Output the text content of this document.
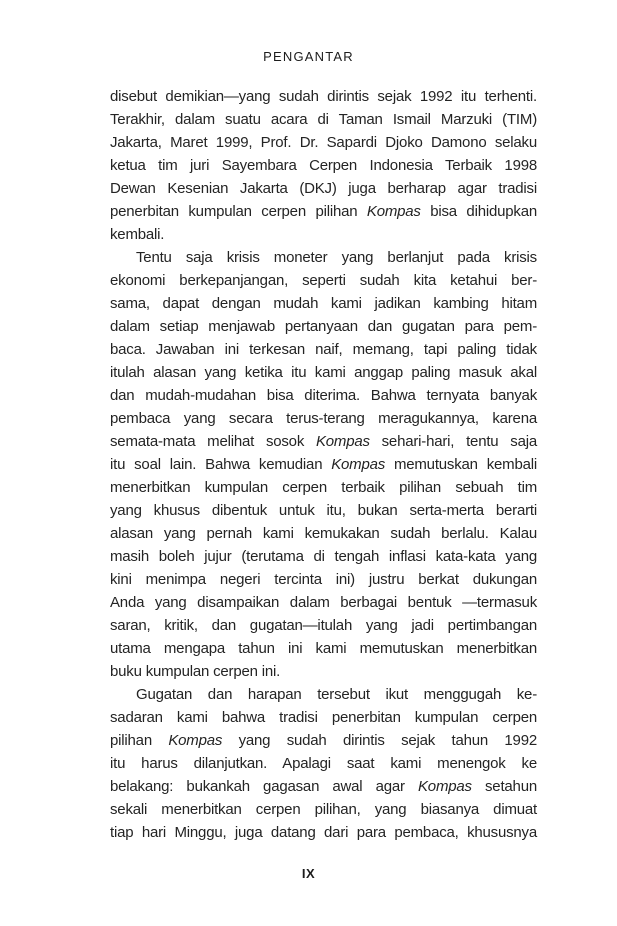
PENGANTAR

disebut demikian—yang sudah dirintis sejak 1992 itu terhenti.
Terakhir, dalam suatu acara di Taman Ismail Marzuki (TIM)
Jakarta, Maret 1999, Prof. Dr. Sapardi Djoko Damono selaku
ketua tim juri Sayembara Cerpen Indonesia Terbaik 1998
Dewan Kesenian Jakarta (DKJ) juga berharap agar tradisi
penerbitan kumpulan cerpen pilihan Kompas bisa dihidupkan
kembali.

Tentu saja krisis moneter yang berlanjut pada krisis
ekonomi berkepanjangan, seperti sudah kita ketahui ber-
sama, dapat dengan mudah kami jadikan kambing hitam
dalam setiap menjawab pertanyaan dan gugatan para pem-
baca. Jawaban ini terkesan naif, memang, tapi paling tidak
itulah alasan yang ketika itu kami anggap paling masuk akal
dan mudah-mudahan bisa diterima. Bahwa ternyata banyak
pembaca yang secara terus-terang meragukannya, karena
semata-mata melihat sosok Kompas sehari-hari, tentu saja
itu soal lain. Bahwa kemudian Kompas memutuskan kembali
menerbitkan kumpulan cerpen terbaik pilihan sebuah tim
yang khusus dibentuk untuk itu, bukan serta-merta berarti
alasan yang pernah kami kemukakan sudah berlalu. Kalau
masih boleh jujur (terutama di tengah inflasi kata-kata yang
kini menimpa negeri tercinta ini) justru berkat dukungan
Anda yang disampaikan dalam berbagai bentuk —termasuk
saran, kritik, dan gugatan—itulah yang jadi pertimbangan
utama mengapa tahun ini kami memutuskan menerbitkan
buku kumpulan cerpen ini.

Gugatan dan harapan tersebut ikut menggugah ke-
sadaran kami bahwa tradisi penerbitan kumpulan cerpen
pilihan Kompas yang sudah dirintis sejak tahun 1992
itu harus dilanjutkan. Apalagi saat kami menengok ke
belakang: bukankah gagasan awal agar Kompas setahun
sekali menerbitkan cerpen pilihan, yang biasanya dimuat
tiap hari Minggu, juga datang dari para pembaca, khususnya

IX
